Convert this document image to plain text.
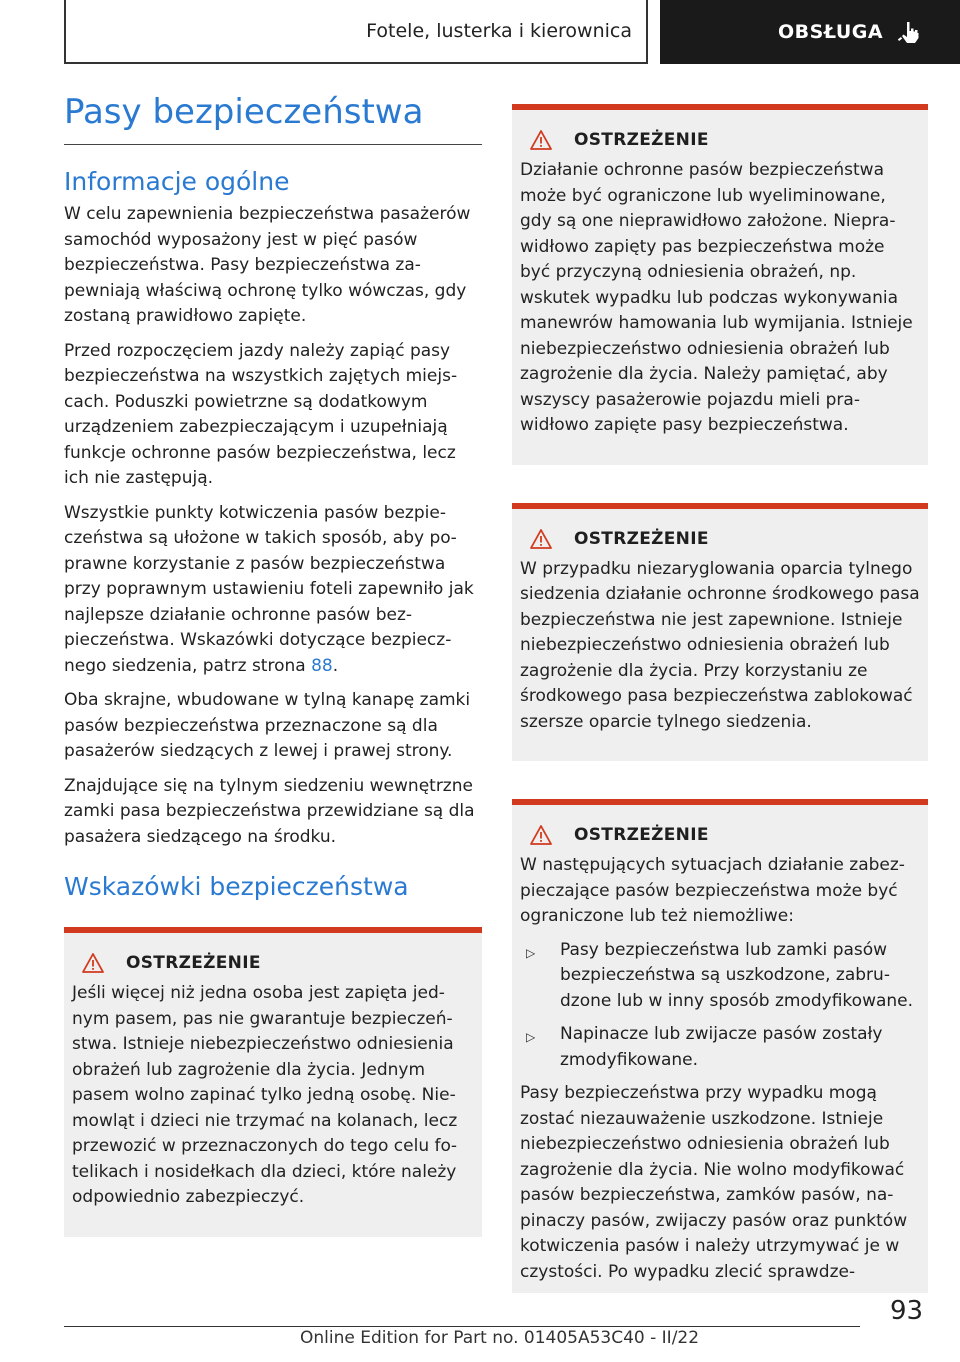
Fotele, lusterka i kierownica	OBSŁUGA
Pasy bezpieczeństwa
Informacje ogólne

W celu zapewnienia bezpieczeństwa pasażerów samochód wyposażony jest w pięć pasów bezpieczeństwa. Pasy bezpieczeństwa zapewniają właściwą ochronę tylko wówczas, gdy zostaną prawidłowo zapięte.

Przed rozpoczęciem jazdy należy zapiąć pasy bezpieczeństwa na wszystkich zajętych miejscach. Poduszki powietrzne są dodatkowym urządzeniem zabezpieczającym i uzupełniają funkcje ochronne pasów bezpieczeństwa, lecz ich nie zastępują.

Wszystkie punkty kotwiczenia pasów bezpieczeństwa są ułożone w takich sposób, aby poprawne korzystanie z pasów bezpieczeństwa przy poprawnym ustawieniu foteli zapewniło jak najlepsze działanie ochronne pasów bezpieczeństwa. Wskazówki dotyczące bezpiecznego siedzenia, patrz strona 88.

Oba skrajne, wbudowane w tylną kanapę zamki pasów bezpieczeństwa przeznaczone są dla pasażerów siedzących z lewej i prawej strony.

Znajdujące się na tylnym siedzeniu wewnętrzne zamki pasa bezpieczeństwa przewidziane są dla pasażera siedzącego na środku.

Wskazówki bezpieczeństwa
OSTRZEŻENIE

Jeśli więcej niż jedna osoba jest zapięta jednym pasem, pas nie gwarantuje bezpieczeństwa. Istnieje niebezpieczeństwo odniesienia obrażeń lub zagrożenie dla życia. Jednym pasem wolno zapinać tylko jedną osobę. Niemowląt i dzieci nie trzymać na kolanach, lecz przewozić w przeznaczonych do tego celu fotelikach i nosidełkach dla dzieci, które należy odpowiednio zabezpieczyć.

OSTRZEŻENIE

Działanie ochronne pasów bezpieczeństwa może być ograniczone lub wyeliminowane, gdy są one nieprawidłowo założone. Nieprawidłowo zapięty pas bezpieczeństwa może być przyczyną odniesienia obrażeń, np. wskutek wypadku lub podczas wykonywania manewrów hamowania lub wymijania. Istnieje niebezpieczeństwo odniesienia obrażeń lub zagrożenie dla życia. Należy pamiętać, aby wszyscy pasażerowie pojazdu mieli prawidłowo zapięte pasy bezpieczeństwa.

OSTRZEŻENIE

W przypadku niezaryglowania oparcia tylnego siedzenia działanie ochronne środkowego pasa bezpieczeństwa nie jest zapewnione. Istnieje niebezpieczeństwo odniesienia obrażeń lub zagrożenie dla życia. Przy korzystaniu ze środkowego pasa bezpieczeństwa zablokować szersze oparcie tylnego siedzenia.

OSTRZEŻENIE

W następujących sytuacjach działanie zabezpieczające pasów bezpieczeństwa może być ograniczone lub też niemożliwe:

▷	Pasy bezpieczeństwa lub zamki pasów bezpieczeństwa są uszkodzone, zabrudzone lub w inny sposób zmodyfikowane.
▷	Napinacze lub zwijacze pasów zostały zmodyfikowane.

Pasy bezpieczeństwa przy wypadku mogą zostać niezauważenie uszkodzone. Istnieje niebezpieczeństwo odniesienia obrażeń lub zagrożenie dla życia. Nie wolno modyfikować pasów bezpieczeństwa, zamków pasów, napinaczy pasów, zwijaczy pasów oraz punktów kotwiczenia pasów i należy utrzymywać je w czystości. Po wypadku zlecić sprawdze-

93
Online Edition for Part no. 01405A53C40 - II/22
